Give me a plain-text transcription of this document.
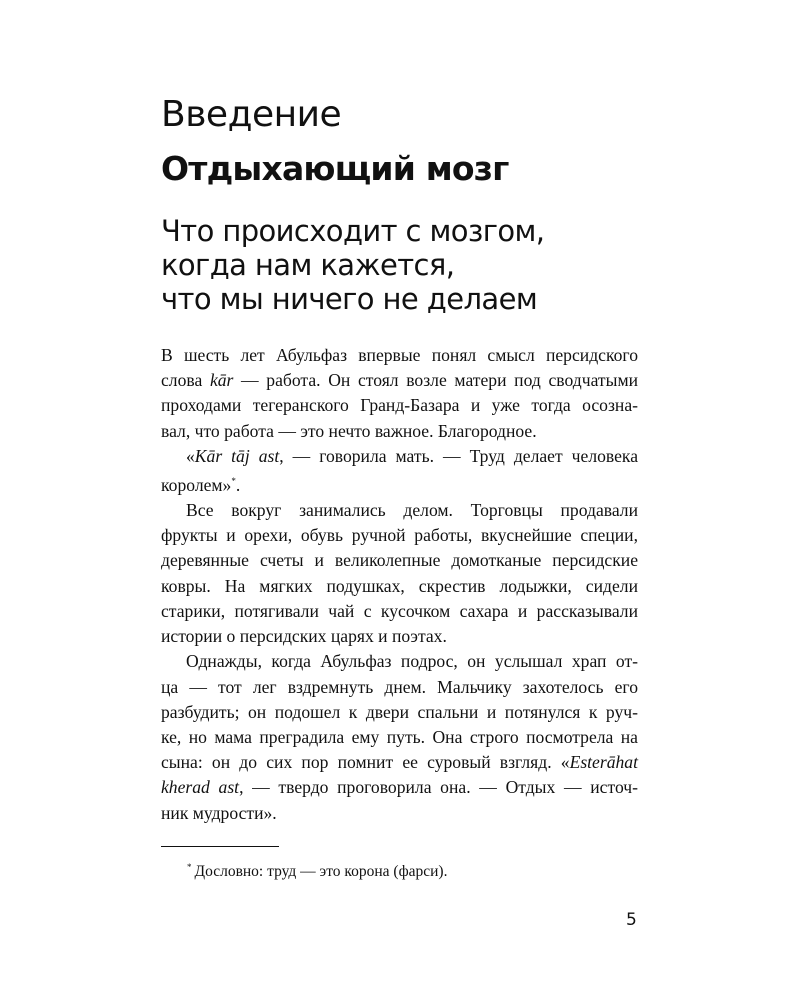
Введение
Отдыхающий мозг
Что происходит с мозгом,
когда нам кажется,
что мы ничего не делаем
В шесть лет Абульфаз впервые понял смысл персидского
слова kār — работа. Он стоял возле матери под сводчатыми
проходами тегеранского Гранд-Базара и уже тогда осозна-
вал, что работа — это нечто важное. Благородное.
«Kār tāj ast, — говорила мать. — Труд делает человека
королем»*.
Все вокруг занимались делом. Торговцы продавали
фрукты и орехи, обувь ручной работы, вкуснейшие специи,
деревянные счеты и великолепные домотканые персидские
ковры. На мягких подушках, скрестив лодыжки, сидели
старики, потягивали чай с кусочком сахара и рассказывали
истории о персидских царях и поэтах.
Однажды, когда Абульфаз подрос, он услышал храп от-
ца — тот лег вздремнуть днем. Мальчику захотелось его
разбудить; он подошел к двери спальни и потянулся к руч-
ке, но мама преградила ему путь. Она строго посмотрела на
сына: он до сих пор помнит ее суровый взгляд. «Esterāhat
kherad ast, — твердо проговорила она. — Отдых — источ-
ник мудрости».
* Дословно: труд — это корона (фарси).
5
